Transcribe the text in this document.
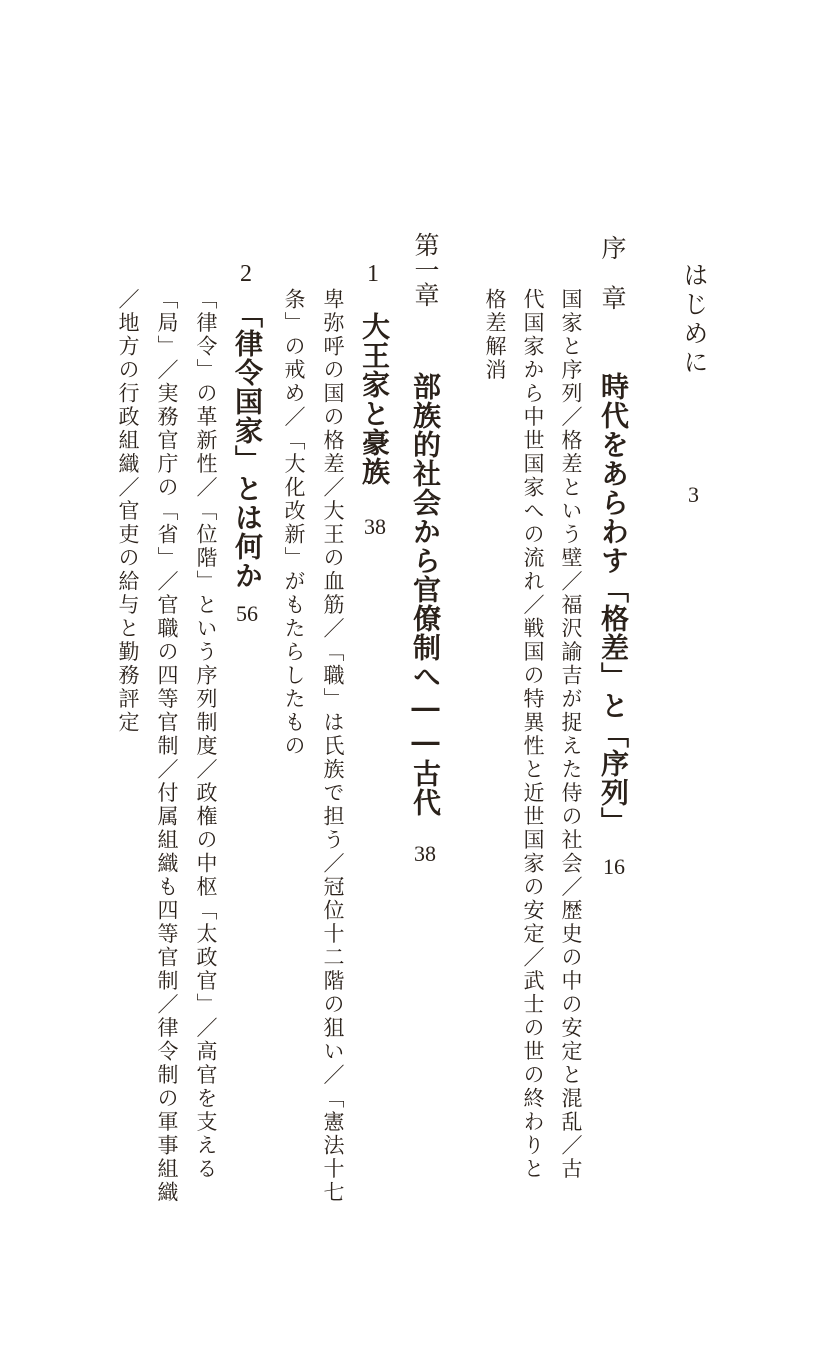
はじめに
3
序　章
時代をあらわす「格差」と「序列」
16
国家と序列／格差という壁／福沢諭吉が捉えた侍の社会／歴史の中の安定と混乱／古
代国家から中世国家への流れ／戦国の特異性と近世国家の安定／武士の世の終わりと
格差解消
第一章
部族的社会から官僚制へ――古代
38
1
大王家と豪族
38
卑弥呼の国の格差／大王の血筋／「職」は氏族で担う／冠位十二階の狙い／「憲法十七
条」の戒め／「大化改新」がもたらしたもの
2
「律令国家」とは何か
56
「律令」の革新性／「位階」という序列制度／政権の中枢「太政官」／高官を支える
「局」／実務官庁の「省」／官職の四等官制／付属組織も四等官制／律令制の軍事組織
／地方の行政組織／官吏の給与と勤務評定
